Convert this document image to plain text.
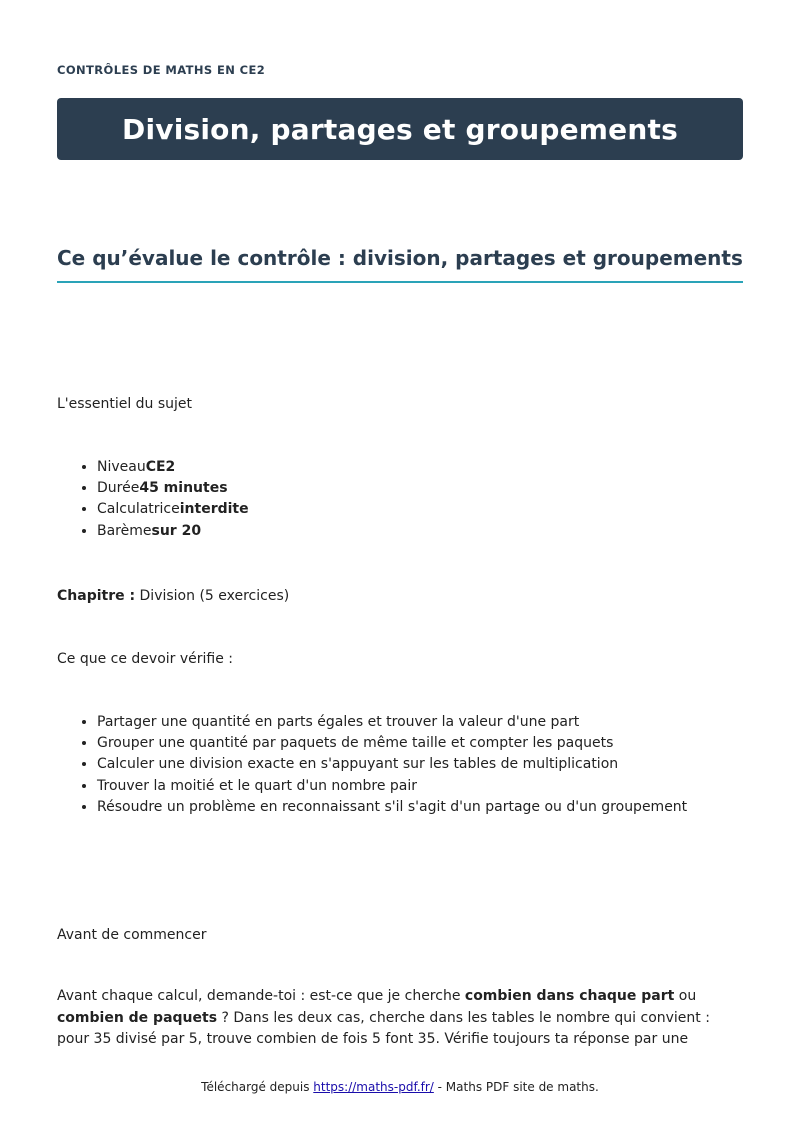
CONTRÔLES DE MATHS EN CE2
Division, partages et groupements
Ce qu’évalue le contrôle : division, partages et groupements

L'essentiel du sujet

• NiveauCE2
• Durée45 minutes
• Calculatriceinterdite
• Barèmesur 20

Chapitre : Division (5 exercices)

Ce que ce devoir vérifie :

• Partager une quantité en parts égales et trouver la valeur d'une part
• Grouper une quantité par paquets de même taille et compter les paquets
• Calculer une division exacte en s'appuyant sur les tables de multiplication
• Trouver la moitié et le quart d'un nombre pair
• Résoudre un problème en reconnaissant s'il s'agit d'un partage ou d'un groupement

Avant de commencer

Avant chaque calcul, demande-toi : est-ce que je cherche combien dans chaque part ou combien de paquets ? Dans les deux cas, cherche dans les tables le nombre qui convient : pour 35 divisé par 5, trouve combien de fois 5 font 35. Vérifie toujours ta réponse par une

Téléchargé depuis https://maths-pdf.fr/ - Maths PDF site de maths.
